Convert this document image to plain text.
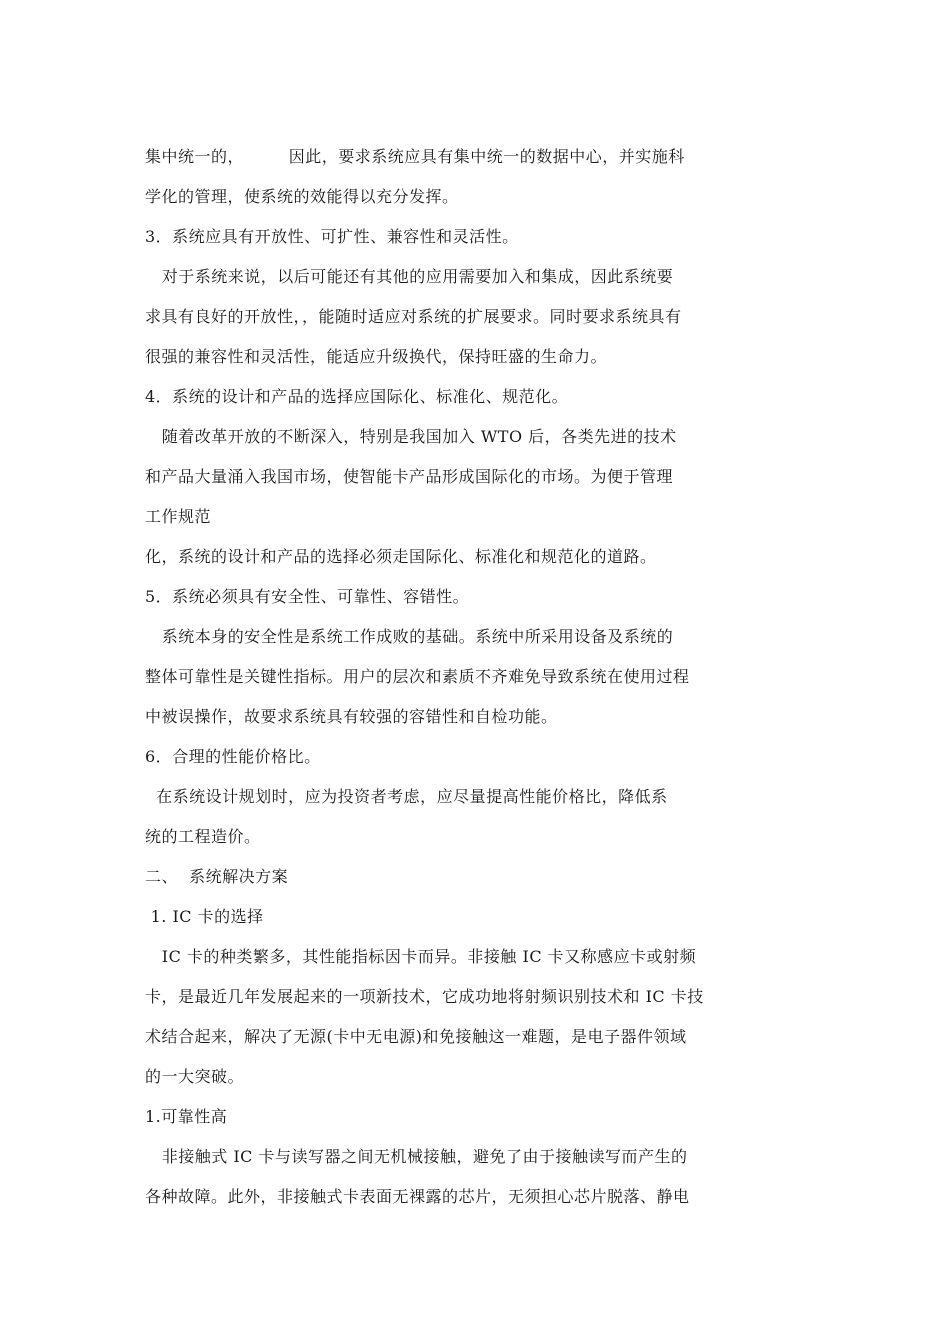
集中统一的，        因此，要求系统应具有集中统一的数据中心，并实施科
学化的管理，使系统的效能得以充分发挥。
3．系统应具有开放性、可扩性、兼容性和灵活性。
对于系统来说，以后可能还有其他的应用需要加入和集成，因此系统要
求具有良好的开放性，，能随时适应对系统的扩展要求。同时要求系统具有
很强的兼容性和灵活性，能适应升级换代，保持旺盛的生命力。
4．系统的设计和产品的选择应国际化、标准化、规范化。
随着改革开放的不断深入，特别是我国加入 WTO 后，各类先进的技术
和产品大量涌入我国市场，使智能卡产品形成国际化的市场。为便于管理
工作规范
化，系统的设计和产品的选择必须走国际化、标准化和规范化的道路。
5．系统必须具有安全性、可靠性、容错性。
系统本身的安全性是系统工作成败的基础。系统中所采用设备及系统的
整体可靠性是关键性指标。用户的层次和素质不齐难免导致系统在使用过程
中被误操作，故要求系统具有较强的容错性和自检功能。
6．合理的性能价格比。
在系统设计规划时，应为投资者考虑，应尽量提高性能价格比，降低系
统的工程造价。
二、  系统解决方案
1. IC 卡的选择
IC 卡的种类繁多，其性能指标因卡而异。非接触 IC 卡又称感应卡或射频
卡，是最近几年发展起来的一项新技术，它成功地将射频识别技术和 IC 卡技
术结合起来，解决了无源(卡中无电源)和免接触这一难题，是电子器件领域
的一大突破。
1.可靠性高
非接触式 IC 卡与读写器之间无机械接触，避免了由于接触读写而产生的
各种故障。此外，非接触式卡表面无裸露的芯片，无须担心芯片脱落、静电
